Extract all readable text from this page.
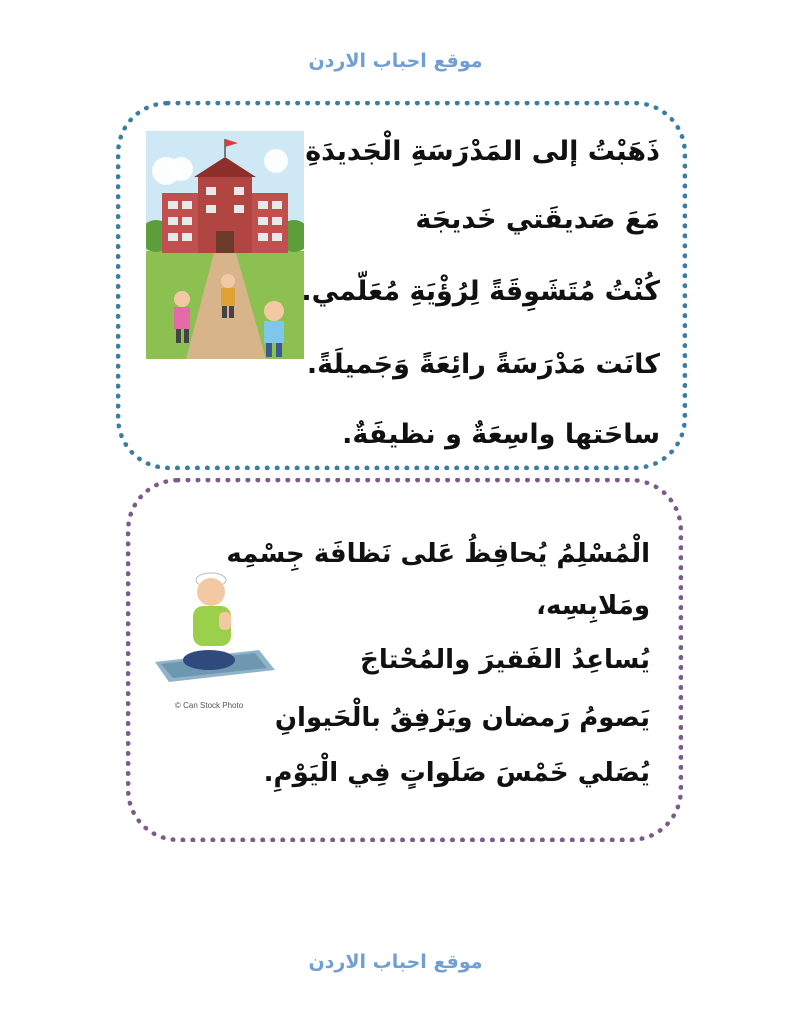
موقع احباب الاردن
ذَهَبْتُ إلى المَدْرَسَةِ الْجَديدَةِ
مَعَ صَديقَتي خَديجَة
كُنْتُ مُتَشَوِقَةً لِرُؤْيَةِ مُعَلّمي.
كانَت مَدْرَسَةً رائِعَةً وَجَميلَةً.
ساحَتها واسِعَةٌ و نظيفَةٌ.
© Can Stock Photo
الْمُسْلِمُ يُحافِظُ عَلى نَظافَة جِسْمِه
ومَلابِسِه،
يُساعِدُ الفَقيرَ والمُحْتاجَ
يَصومُ رَمضان ويَرْفِقُ بالْحَيوانِ
يُصَلي خَمْسَ صَلَواتٍ فِي الْيَوْمِ.
موقع احباب الاردن
